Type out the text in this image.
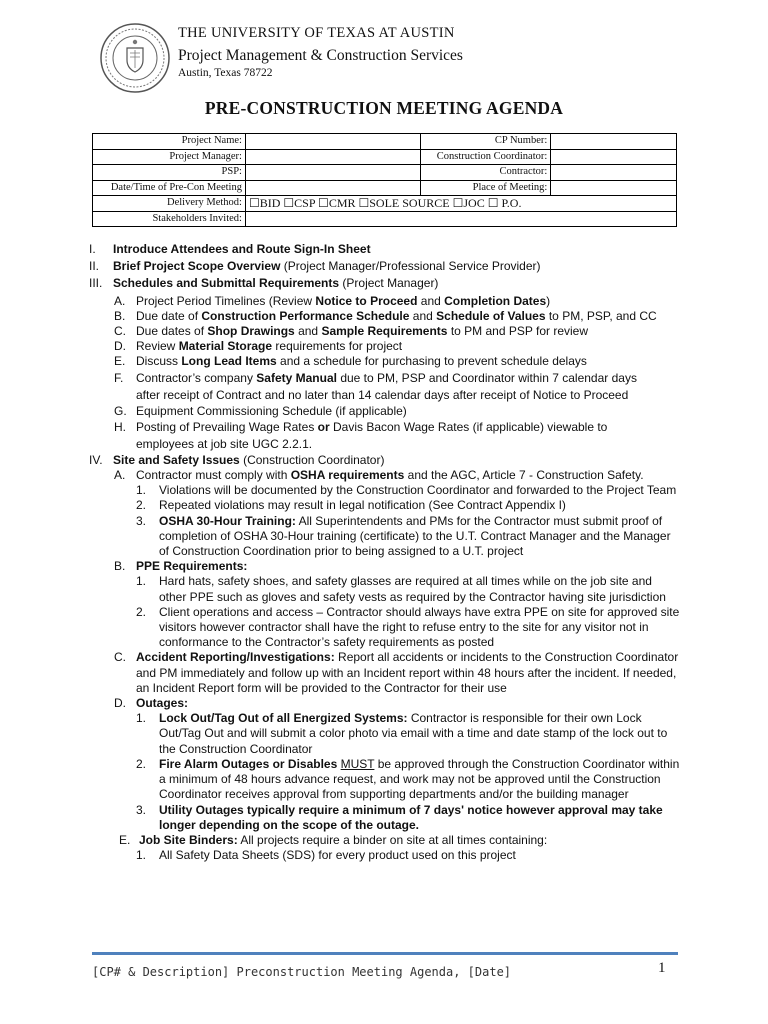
THE UNIVERSITY OF TEXAS AT AUSTIN
Project Management & Construction Services
Austin, Texas 78722
PRE-CONSTRUCTION MEETING AGENDA
Project Name:		CP Number:	
Project Manager:		Construction Coordinator:	
PSP:		Contractor:	
Date/Time of Pre-Con Meeting		Place of Meeting:	
Delivery Method:	☐BID ☐CSP ☐CMR ☐SOLE SOURCE ☐JOC ☐ P.O.		
Stakeholders Invited:			
I. Introduce Attendees and Route Sign-In Sheet
II. Brief Project Scope Overview (Project Manager/Professional Service Provider)
III. Schedules and Submittal Requirements (Project Manager)
A. Project Period Timelines (Review Notice to Proceed and Completion Dates)
B. Due date of Construction Performance Schedule and Schedule of Values to PM, PSP, and CC
C. Due dates of Shop Drawings and Sample Requirements to PM and PSP for review
D. Review Material Storage requirements for project
E. Discuss Long Lead Items and a schedule for purchasing to prevent schedule delays
F. Contractor’s company Safety Manual due to PM, PSP and Coordinator within 7 calendar days
after receipt of Contract and no later than 14 calendar days after receipt of Notice to Proceed
G. Equipment Commissioning Schedule (if applicable)
H. Posting of Prevailing Wage Rates or Davis Bacon Wage Rates (if applicable) viewable to
employees at job site UGC 2.2.1.
IV. Site and Safety Issues (Construction Coordinator)
A. Contractor must comply with OSHA requirements and the AGC, Article 7 - Construction Safety.
1. Violations will be documented by the Construction Coordinator and forwarded to the Project Team
2. Repeated violations may result in legal notification (See Contract Appendix I)
3. OSHA 30-Hour Training: All Superintendents and PMs for the Contractor must submit proof of completion of OSHA 30-Hour training (certificate) to the U.T. Contract Manager and the Manager of Construction Coordination prior to being assigned to a U.T. project
B. PPE Requirements:
1. Hard hats, safety shoes, and safety glasses are required at all times while on the job site and other PPE such as gloves and safety vests as required by the Contractor having site jurisdiction
2. Client operations and access – Contractor should always have extra PPE on site for approved site visitors however contractor shall have the right to refuse entry to the site for any visitor not in conformance to the Contractor’s safety requirements as posted
C. Accident Reporting/Investigations: Report all accidents or incidents to the Construction Coordinator and PM immediately and follow up with an Incident report within 48 hours after the incident. If needed, an Incident Report form will be provided to the Contractor for their use
D. Outages:
1. Lock Out/Tag Out of all Energized Systems: Contractor is responsible for their own Lock Out/Tag Out and will submit a color photo via email with a time and date stamp of the lock out to the Construction Coordinator
2. Fire Alarm Outages or Disables MUST be approved through the Construction Coordinator within a minimum of 48 hours advance request, and work may not be approved until the Construction Coordinator receives approval from supporting departments and/or the building manager
3. Utility Outages typically require a minimum of 7 days' notice however approval may take longer depending on the scope of the outage.
E. Job Site Binders: All projects require a binder on site at all times containing:
1. All Safety Data Sheets (SDS) for every product used on this project
[CP# & Description] Preconstruction Meeting Agenda, [Date]	1
